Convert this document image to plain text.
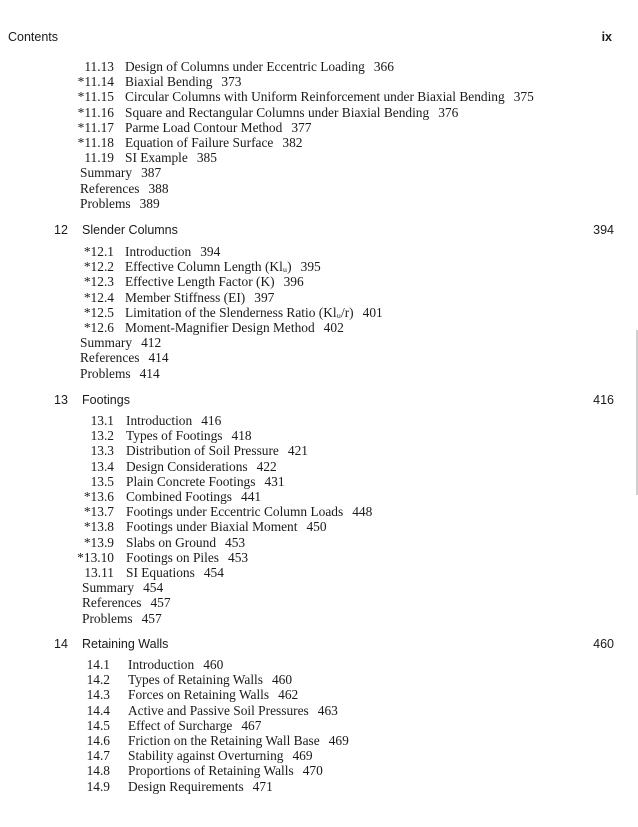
Contents	ix
11.13 Design of Columns under Eccentric Loading 366
*11.14 Biaxial Bending 373
*11.15 Circular Columns with Uniform Reinforcement under Biaxial Bending 375
*11.16 Square and Rectangular Columns under Biaxial Bending 376
*11.17 Parme Load Contour Method 377
*11.18 Equation of Failure Surface 382
11.19 SI Example 385
Summary 387
References 388
Problems 389
12 Slender Columns	394
*12.1 Introduction 394
*12.2 Effective Column Length (Klᵤ) 395
*12.3 Effective Length Factor (K) 396
*12.4 Member Stiffness (EI) 397
*12.5 Limitation of the Slenderness Ratio (Klᵤ/r) 401
*12.6 Moment-Magnifier Design Method 402
Summary 412
References 414
Problems 414
13 Footings	416
13.1 Introduction 416
13.2 Types of Footings 418
13.3 Distribution of Soil Pressure 421
13.4 Design Considerations 422
13.5 Plain Concrete Footings 431
*13.6 Combined Footings 441
*13.7 Footings under Eccentric Column Loads 448
*13.8 Footings under Biaxial Moment 450
*13.9 Slabs on Ground 453
*13.10 Footings on Piles 453
13.11 SI Equations 454
Summary 454
References 457
Problems 457
14 Retaining Walls	460
14.1 Introduction 460
14.2 Types of Retaining Walls 460
14.3 Forces on Retaining Walls 462
14.4 Active and Passive Soil Pressures 463
14.5 Effect of Surcharge 467
14.6 Friction on the Retaining Wall Base 469
14.7 Stability against Overturning 469
14.8 Proportions of Retaining Walls 470
14.9 Design Requirements 471
